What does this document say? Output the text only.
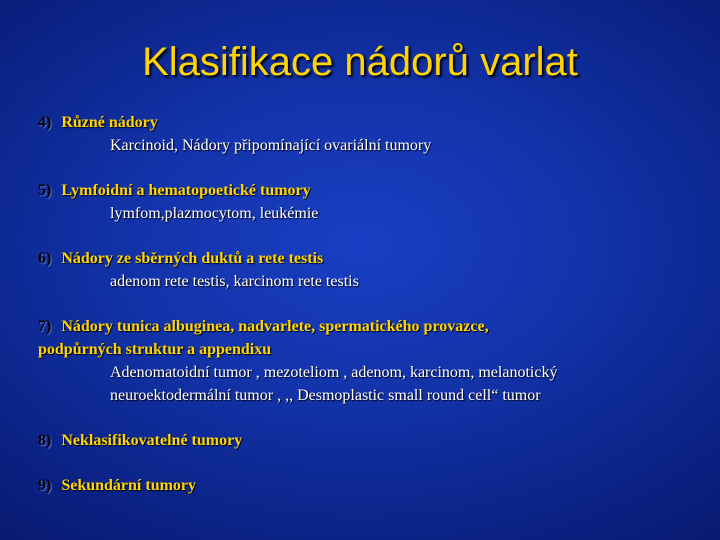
Klasifikace nádorů varlat
4) Různé nádory
Karcinoid, Nádory připomínající ovariální tumory
5) Lymfoidní a hematopoetické tumory
lymfom,plazmocytom, leukémie
6) Nádory ze sběrných duktů a rete testis
adenom rete testis, karcinom rete testis
7) Nádory tunica albuginea, nadvarlete, spermatického provazce,
podpůrných struktur a appendixu
Adenomatoidní tumor , mezoteliom , adenom, karcinom, melanotický
neuroektodermální tumor , ,, Desmoplastic small round cell“ tumor
8) Neklasifikovatelné tumory
9) Sekundární tumory
